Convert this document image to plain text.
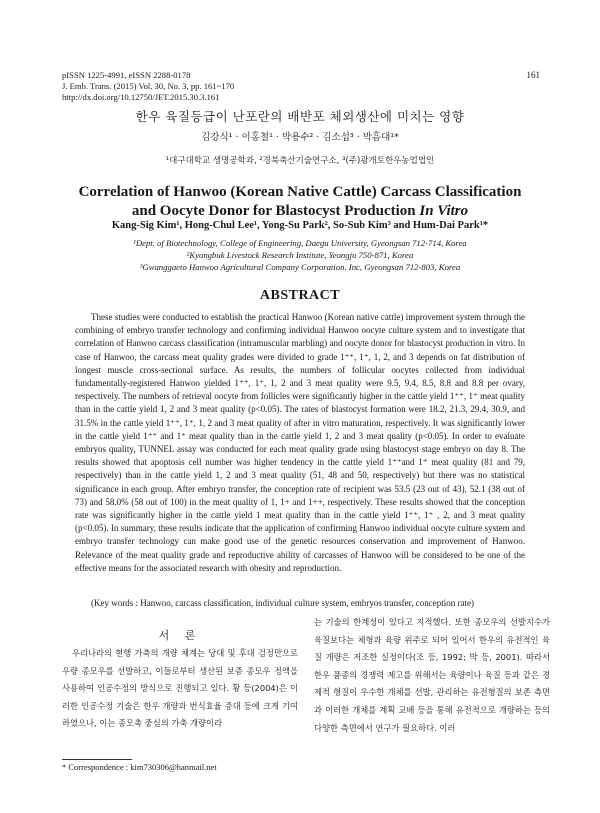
pISSN 1225-4991, eISSN 2288-0178
J. Emb. Trans. (2015) Vol. 30, No. 3, pp. 161~170
http://dx.doi.org/10.12750/JET.2015.30.3.161
161
한우 육질등급이 난포란의 배반포 체외생산에 미치는 영향
김강식¹ · 이홍철¹ · 박용수² · 김소섭³ · 박흠대¹*
¹대구대학교 생명공학과, ²경북축산기술연구소, ³(주)광개토한우농업법인
Correlation of Hanwoo (Korean Native Cattle) Carcass Classification
and Oocyte Donor for Blastocyst Production In Vitro
Kang-Sig Kim¹, Hong-Chul Lee¹, Yong-Su Park², So-Sub Kim³ and Hum-Dai Park¹*
¹Dept. of Biotechnology, College of Engineering, Daegu University, Gyeongsan 712-714, Korea
²Kyongbuk Livestock Research Institute, Yeongju 750-871, Korea
³Gwanggaeto Hanwoo Agricultural Company Corporation. Inc, Gyeongsan 712-803, Korea
ABSTRACT
These studies were conducted to establish the practical Hanwoo (Korean native cattle) improvement system through the combining of embryo transfer technology and confirming individual Hanwoo oocyte culture system and to investigate that correlation of Hanwoo carcass classification (intramuscular marbling) and oocyte donor for blastocyst production in vitro. In case of Hanwoo, the carcass meat quality grades were divided to grade 1⁺⁺, 1⁺, 1, 2, and 3 depends on fat distribution of longest muscle cross-sectional surface. As results, the numbers of follicular oocytes collected from individual fundamentally-registered Hanwoo yielded 1⁺⁺, 1⁺, 1, 2 and 3 meat quality were 9.5, 9.4, 8.5, 8.8 and 8.8 per ovary, respectively. The numbers of retrieval oocyte from follicles were significantly higher in the cattle yield 1⁺⁺, 1⁺ meat quality than in the cattle yield 1, 2 and 3 meat quality (p<0.05). The rates of blastocyst formation were 18.2, 21.3, 29.4, 30.9, and 31.5% in the cattle yield 1⁺⁺, 1⁺, 1, 2 and 3 meat quality of after in vitro maturation, respectively. It was significantly lower in the cattle yield 1⁺⁺ and 1⁺ meat quality than in the cattle yield 1, 2 and 3 meat quality (p<0.05). In order to evaluate embryos quality, TUNNEL assay was conducted for each meat quality grade using blastocyst stage embryo on day 8. The results showed that apoptosis cell number was higher tendency in the cattle yield 1⁺⁺and 1⁺ meat quality (81 and 79, respectively) than in the cattle yield 1, 2 and 3 meat quality (51, 48 and 50, respectively) but there was no statistical significance in each group. After embryo transfer, the conception rate of recipient was 53.5 (23 out of 43), 52.1 (38 out of 73) and 58.0% (58 out of 100) in the meat quality of 1, 1+ and 1++, respectively. These results showed that the conception rate was significantly higher in the cattle yield 1 meat quality than in the cattle yield 1⁺⁺, 1⁺ , 2, and 3 meat quality (p<0.05). In summary, these results indicate that the application of confirming Hanwoo individual oocyte culture system and embryo transfer technology can make good use of the genetic resources conservation and improvement of Hanwoo. Relevance of the meat quality grade and reproductive ability of carcasses of Hanwoo will be considered to be one of the effective means for the associated research with obesity and reproduction.
(Key words : Hanwoo, carcass classification, individual culture system, embryos transfer, conception rate)
서 론
우리나라의 현행 가축의 개량 체계는 당대 및 후대 검정만으로 우량 종모우를 선발하고, 이들로부터 생산된 보증 종모우 정액을 사용하여 인공수정의 방식으로 진행되고 있다. 황 등(2004)은 이러한 인공수정 기술은 한우 개량과 번식효율 증대 등에 크게 기여하였으나, 이는 종모축 중심의 가축 개량이라
는 기술의 한계성이 있다고 지적했다. 또한 종모우의 선발지수가 육질보다는 체형과 육량 위주로 되어 있어서 한우의 유전적인 육질 개량은 저조한 실정이다(조 등, 1992; 박 등, 2001). 따라서 한우 품종의 경쟁력 제고를 위해서는 육량이나 육질 등과 같은 경제적 형질이 우수한 개체를 선발, 관리하는 유전형질의 보존 측면과 이러한 개체를 계획 교배 등을 통해 유전적으로 개량하는 등의 다양한 측면에서 연구가 필요하다. 이러
* Correspondence : kim730306@hanmail.net
